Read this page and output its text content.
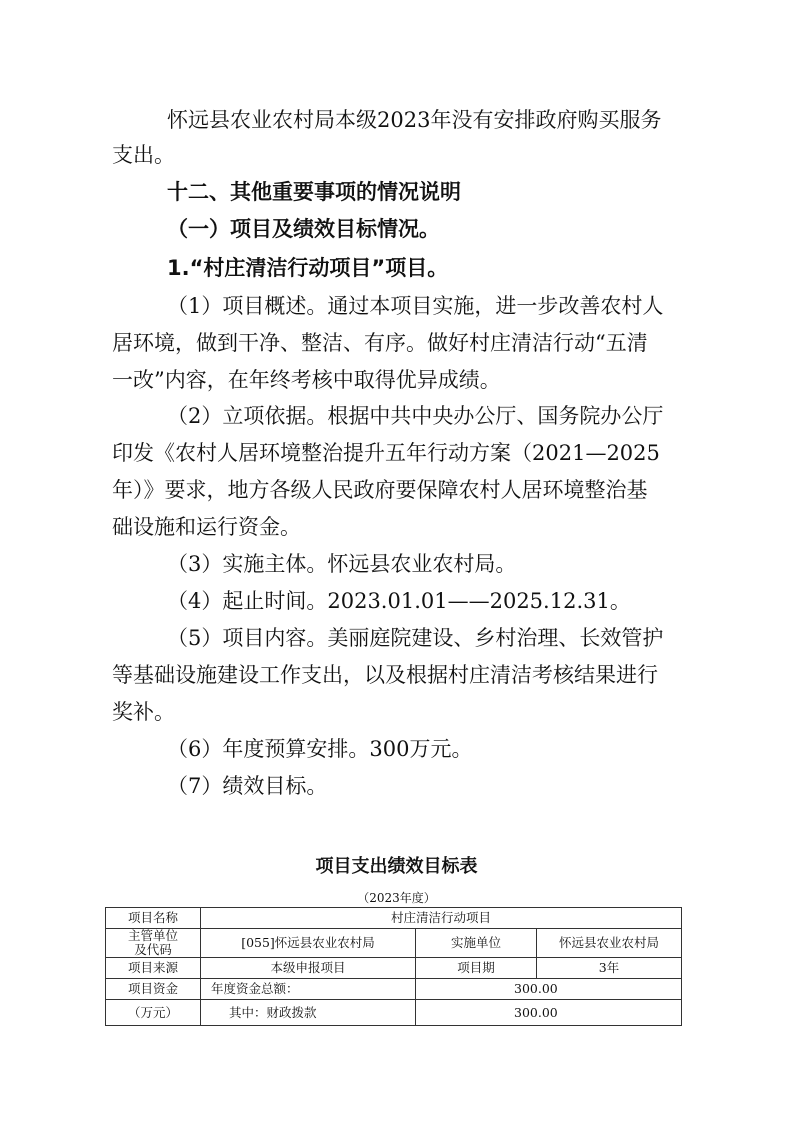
怀远县农业农村局本级2023年没有安排政府购买服务
支出。
十二、其他重要事项的情况说明
（一）项目及绩效目标情况。
1.“村庄清洁行动项目”项目。
（1）项目概述。通过本项目实施，进一步改善农村人
居环境，做到干净、整洁、有序。做好村庄清洁行动“五清
一改”内容，在年终考核中取得优异成绩。
（2）立项依据。根据中共中央办公厅、国务院办公厅
印发《农村人居环境整治提升五年行动方案（2021—2025
年）》要求，地方各级人民政府要保障农村人居环境整治基
础设施和运行资金。
（3）实施主体。怀远县农业农村局。
（4）起止时间。2023.01.01——2025.12.31。
（5）项目内容。美丽庭院建设、乡村治理、长效管护
等基础设施建设工作支出，以及根据村庄清洁考核结果进行
奖补。
（6）年度预算安排。300万元。
（7）绩效目标。
项目支出绩效目标表
（2023年度）
项目名称	村庄清洁行动项目		

主管单位
及代码	[055]怀远县农业农村局	实施单位	怀远县农业农村局
项目来源	本级申报项目	项目期	3年
项目资金	年度资金总额：	300.00	
（万元）	其中：财政拨款	300.00	
